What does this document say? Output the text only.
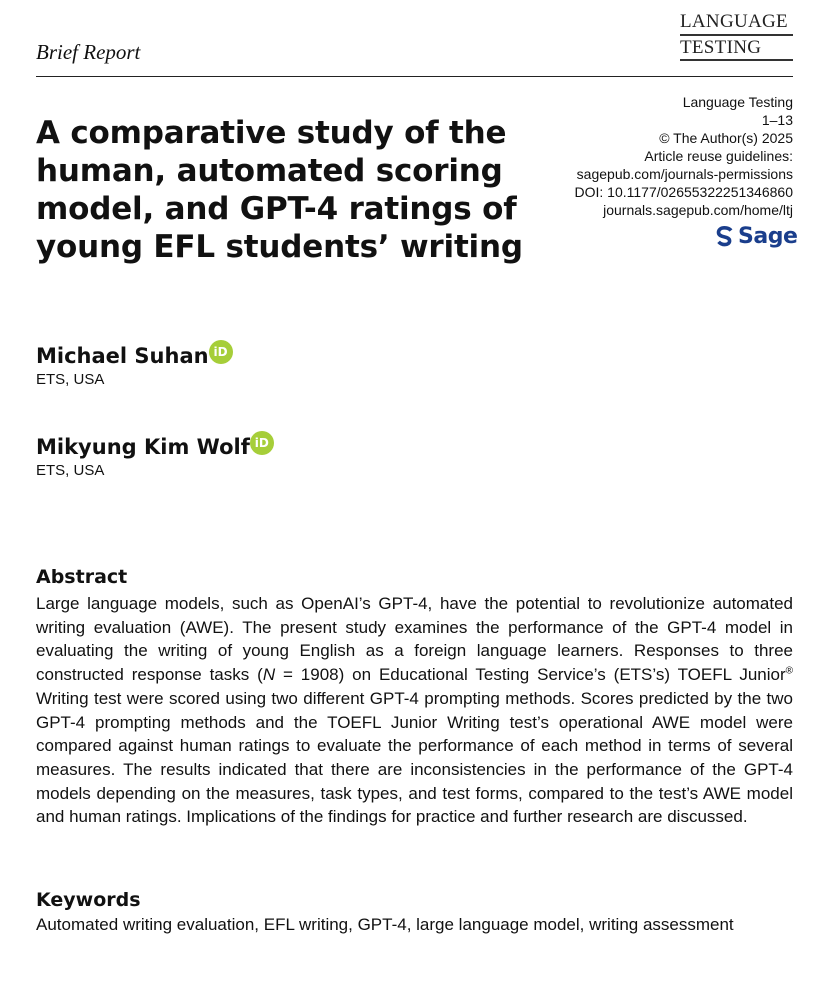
Brief Report
LANGUAGE
TESTING
A comparative study of the human, automated scoring model, and GPT-4 ratings of young EFL students’ writing
Language Testing
1–13
© The Author(s) 2025
Article reuse guidelines:
sagepub.com/journals-permissions
DOI: 10.1177/02655322251346860
journals.sagepub.com/home/ltj
Sage
Michael Suhan iD
ETS, USA
Mikyung Kim Wolf iD
ETS, USA
Abstract

Large language models, such as OpenAI’s GPT-4, have the potential to revolutionize automated writing evaluation (AWE). The present study examines the performance of the GPT-4 model in evaluating the writing of young English as a foreign language learners. Responses to three constructed response tasks (N = 1908) on Educational Testing Service’s (ETS’s) TOEFL Junior® Writing test were scored using two different GPT-4 prompting methods. Scores predicted by the two GPT-4 prompting methods and the TOEFL Junior Writing test’s operational AWE model were compared against human ratings to evaluate the performance of each method in terms of several measures. The results indicated that there are inconsistencies in the performance of the GPT-4 models depending on the measures, task types, and test forms, compared to the test’s AWE model and human ratings. Implications of the findings for practice and further research are discussed.

Keywords

Automated writing evaluation, EFL writing, GPT-4, large language model, writing assessment
